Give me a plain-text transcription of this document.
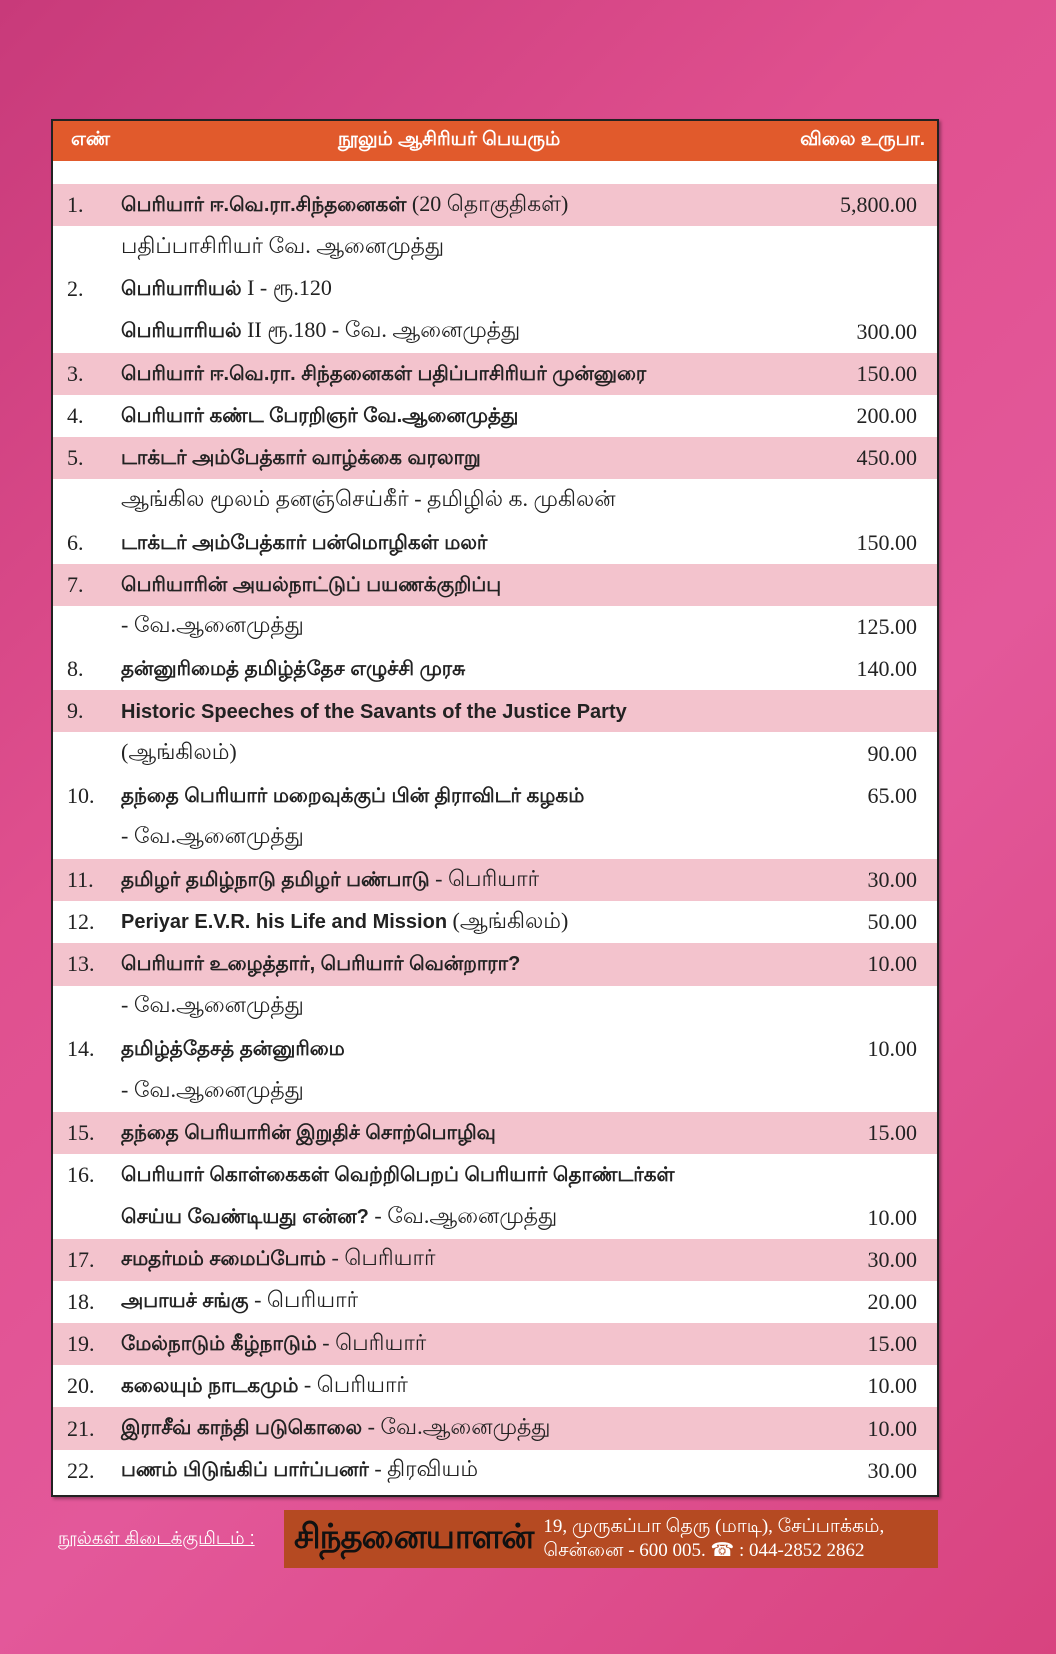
எண்	நூலும் ஆசிரியர் பெயரும்	விலை உருபா.
1.	பெரியார் ஈ.வெ.ரா.சிந்தனைகள் (20 தொகுதிகள்)	5,800.00
பதிப்பாசிரியர் வே. ஆனைமுத்து
2.	பெரியாரியல் I - ரூ.120
பெரியாரியல் II ரூ.180 - வே. ஆனைமுத்து	300.00
3.	பெரியார் ஈ.வெ.ரா. சிந்தனைகள் பதிப்பாசிரியர் முன்னுரை	150.00
4.	பெரியார் கண்ட பேரறிஞர் வே.ஆனைமுத்து	200.00
5.	டாக்டர் அம்பேத்கார் வாழ்க்கை வரலாறு	450.00
ஆங்கில மூலம் தனஞ்செய்கீர் - தமிழில் க. முகிலன்
6.	டாக்டர் அம்பேத்கார் பன்மொழிகள் மலர்	150.00
7.	பெரியாரின் அயல்நாட்டுப் பயணக்குறிப்பு
- வே.ஆனைமுத்து	125.00
8.	தன்னுரிமைத் தமிழ்த்தேச எழுச்சி முரசு	140.00
9.	Historic Speeches of the Savants of the Justice Party
(ஆங்கிலம்)	90.00
10.	தந்தை பெரியார் மறைவுக்குப் பின் திராவிடர் கழகம்	65.00
- வே.ஆனைமுத்து
11.	தமிழர் தமிழ்நாடு தமிழர் பண்பாடு - பெரியார்	30.00
12.	Periyar E.V.R. his Life and Mission (ஆங்கிலம்)	50.00
13.	பெரியார் உழைத்தார், பெரியார் வென்றாரா?	10.00
- வே.ஆனைமுத்து
14.	தமிழ்த்தேசத் தன்னுரிமை	10.00
- வே.ஆனைமுத்து
15.	தந்தை பெரியாரின் இறுதிச் சொற்பொழிவு	15.00
16.	பெரியார் கொள்கைகள் வெற்றிபெறப் பெரியார் தொண்டர்கள்
செய்ய வேண்டியது என்ன? - வே.ஆனைமுத்து	10.00
17.	சமதர்மம் சமைப்போம் - பெரியார்	30.00
18.	அபாயச் சங்கு - பெரியார்	20.00
19.	மேல்நாடும் கீழ்நாடும் - பெரியார்	15.00
20.	கலையும் நாடகமும் - பெரியார்	10.00
21.	இராசீவ் காந்தி படுகொலை - வே.ஆனைமுத்து	10.00
22.	பணம் பிடுங்கிப் பார்ப்பனர் - திரவியம்	30.00
நூல்கள் கிடைக்குமிடம் : சிந்தனையாளன் 19, முருகப்பா தெரு (மாடி), சேப்பாக்கம்,
சென்னை - 600 005. ☎ : 044-2852 2862
